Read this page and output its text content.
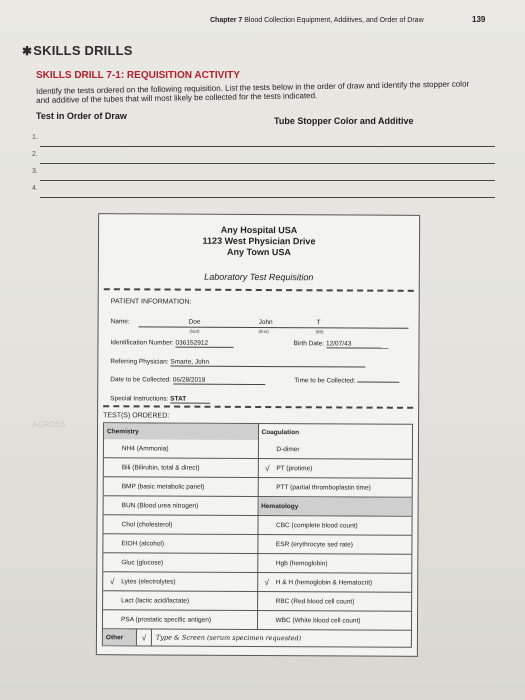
Chapter 7 Blood Collection Equipment, Additives, and Order of Draw	139
✱SKILLS DRILLS
SKILLS DRILL 7-1: REQUISITION ACTIVITY
Identify the tests ordered on the following requisition. List the tests below in the order of draw and identify the stopper color and additive of the tubes that will most likely be collected for the tests indicated.
Test in Order of Draw	Tube Stopper Color and Additive
1.
2.
3.
4.
ACROSS
Any Hospital USA
1123 West Physician Drive
Any Town USA
Laboratory Test Requisition
PATIENT INFORMATION:
Name:	Doe	John	T
(last)	(first)	(MI)
Identification Number: 036152912	Birth Date: 12/07/43
Referring Physician: Smarte, John
Date to be Collected: 06/28/2019	Time to be Collected:
Special Instructions: STAT
TEST(S) ORDERED:
Chemistry	Coagulation
NH4 (Ammonia)	D-dimer
Bili (Bilirubin, total & direct)	√	PT (protime)
BMP (basic metabolic panel)	PTT (partial thromboplastin time)
BUN (Blood urea nitrogen)	Hematology
Chol (cholesterol)	CBC (complete blood count)
EtOH (alcohol)	ESR (erythrocyte sed rate)
Gluc (glucose)	Hgb (hemoglobin)
√	Lytes (electrolytes)	√	H & H (hemoglobin & Hematocrit)
Lact (lactic acid/lactate)	RBC (Red blood cell count)
PSA (prostatic specific antigen)	WBC (White blood cell count)
Other	√	Type & Screen (serum specimen requested)
